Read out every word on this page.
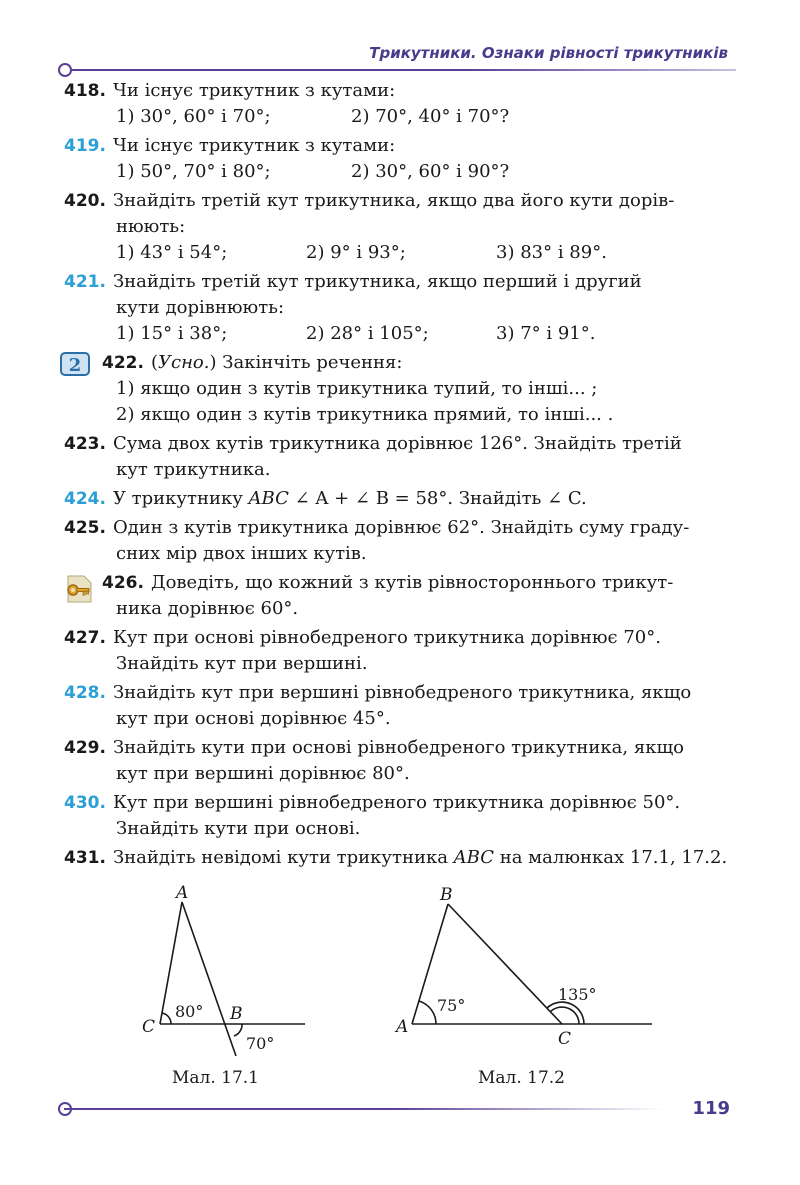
Трикутники. Ознаки рівності трикутників
418. Чи існує трикутник з кутами:
1) 30°, 60° і 70°;	2) 70°, 40° і 70°?
419. Чи існує трикутник з кутами:
1) 50°, 70° і 80°;	2) 30°, 60° і 90°?
420. Знайдіть третій кут трикутника, якщо два його кути дорів-
нюють:
1) 43° і 54°;	2) 9° і 93°;	3) 83° і 89°.
421. Знайдіть третій кут трикутника, якщо перший і другий
кути дорівнюють:
1) 15° і 38°;	2) 28° і 105°;	3) 7° і 91°.
2 422. (Усно.) Закінчіть речення:
1) якщо один з кутів трикутника тупий, то інші... ;
2) якщо один з кутів трикутника прямий, то інші... .
423. Сума двох кутів трикутника дорівнює 126°. Знайдіть третій
кут трикутника.
424. У трикутнику ABC ∠ A + ∠ B = 58°. Знайдіть ∠ C.
425. Один з кутів трикутника дорівнює 62°. Знайдіть суму граду-
сних мір двох інших кутів.
426. Доведіть, що кожний з кутів рівностороннього трикут-
ника дорівнює 60°.
427. Кут при основі рівнобедреного трикутника дорівнює 70°.
Знайдіть кут при вершині.
428. Знайдіть кут при вершині рівнобедреного трикутника, якщо
кут при основі дорівнює 45°.
429. Знайдіть кути при основі рівнобедреного трикутника, якщо
кут при вершині дорівнює 80°.
430. Кут при вершині рівнобедреного трикутника дорівнює 50°.
Знайдіть кути при основі.
431. Знайдіть невідомі кути трикутника ABC на малюнках 17.1, 17.2.
A
C
B
80°
70°
Мал. 17.1
B
A
C
75°
135°
Мал. 17.2
119
